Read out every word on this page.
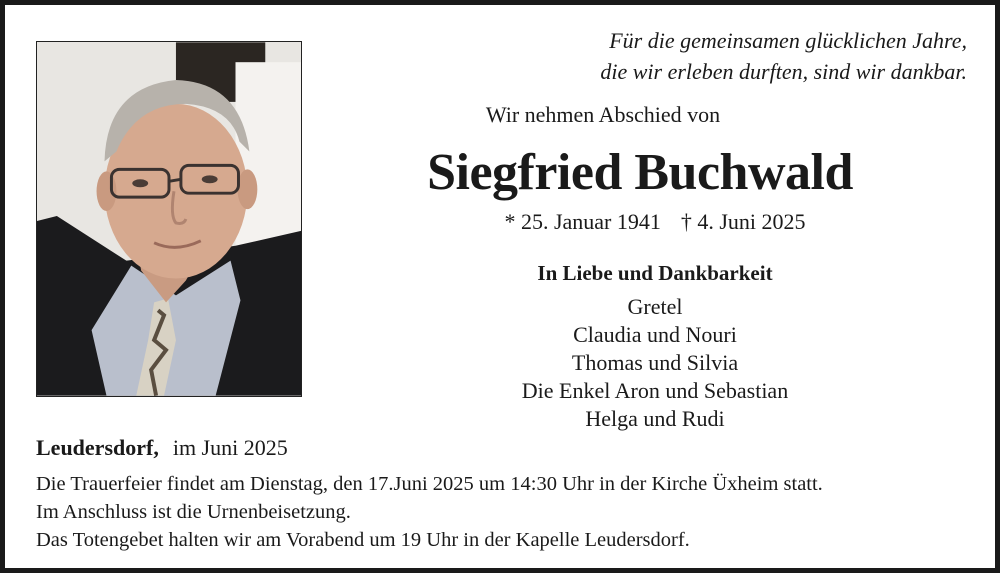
Für die gemeinsamen glücklichen Jahre,
die wir erleben durften, sind wir dankbar.
Wir nehmen Abschied von
Siegfried Buchwald
* 25. Januar 1941 † 4. Juni 2025
In Liebe und Dankbarkeit
Gretel
Claudia und Nouri
Thomas und Silvia
Die Enkel Aron und Sebastian
Helga und Rudi
Leudersdorf, im Juni 2025
Die Trauerfeier findet am Dienstag, den 17.Juni 2025 um 14:30 Uhr in der Kirche Üxheim statt.
Im Anschluss ist die Urnenbeisetzung.
Das Totengebet halten wir am Vorabend um 19 Uhr in der Kapelle Leudersdorf.
